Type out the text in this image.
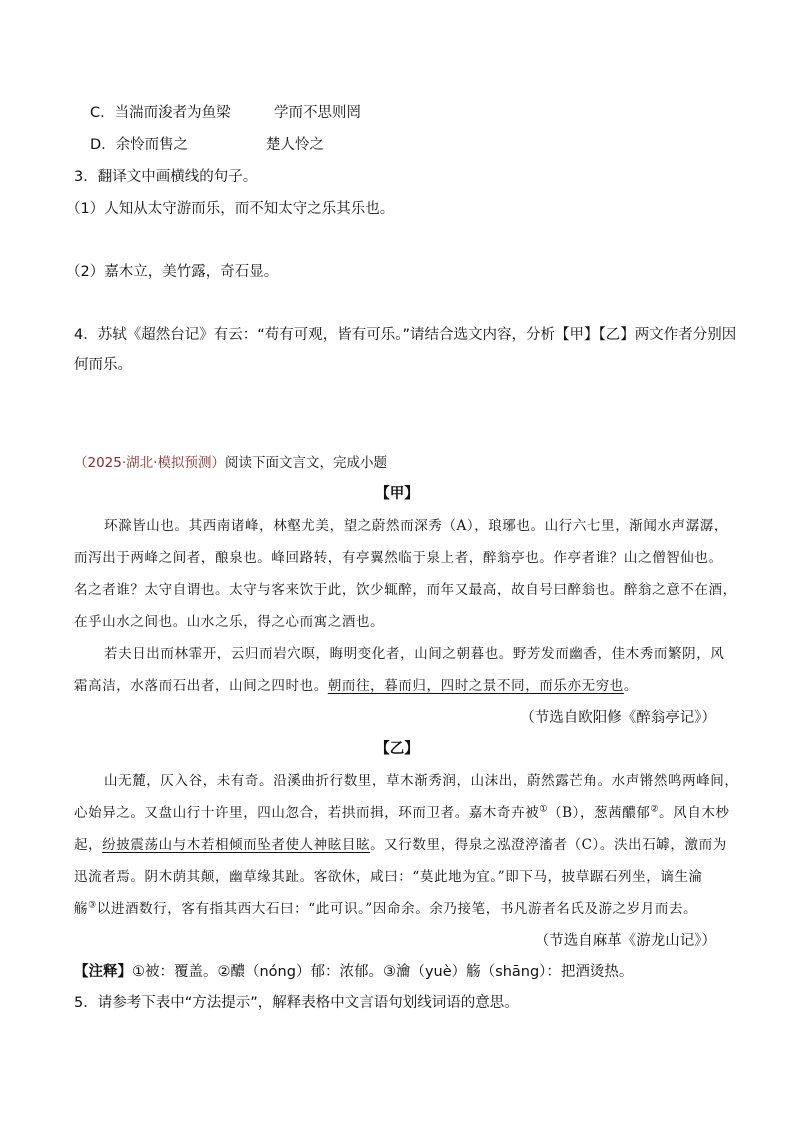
C．当湍而浚者为鱼梁	学而不思则罔
D．余怜而售之	楚人怜之
3．翻译文中画横线的句子。
（1）人知从太守游而乐，而不知太守之乐其乐也。
（2）嘉木立，美竹露，奇石显。
4．苏轼《超然台记》有云：“苟有可观，皆有可乐。”请结合选文内容，分析【甲】【乙】两文作者分别因
何而乐。
（2025·湖北·模拟预测）阅读下面文言文，完成小题
【甲】
环滁皆山也。其西南诸峰，林壑尤美，望之蔚然而深秀（A），琅琊也。山行六七里，渐闻水声潺潺，
而泻出于两峰之间者，酿泉也。峰回路转，有亭翼然临于泉上者，醉翁亭也。作亭者谁？山之僧智仙也。
名之者谁？太守自谓也。太守与客来饮于此，饮少辄醉，而年又最高，故自号曰醉翁也。醉翁之意不在酒，
在乎山水之间也。山水之乐，得之心而寓之酒也。
若夫日出而林霏开，云归而岩穴暝，晦明变化者，山间之朝暮也。野芳发而幽香，佳木秀而繁阴，风
霜高洁，水落而石出者，山间之四时也。朝而往，暮而归，四时之景不同，而乐亦无穷也。
（节选自欧阳修《醉翁亭记》）
【乙】
山无麓，仄入谷，未有奇。沿溪曲折行数里，草木渐秀润，山沫出，蔚然露芒角。水声锵然鸣两峰间，
心始异之。又盘山行十许里，四山忽合，若拱而揖，环而卫者。嘉木奇卉被①（B），葱茜醲郁②。风自木杪
起，纷披震荡山与木若相倾而坠者使人神眩目眩。又行数里，得泉之泓澄渟滀者（C）。泆出石罅，激而为
迅流者焉。阴木荫其颠，幽草缘其趾。客欲休，咸曰：“莫此地为宜。”即下马，披草踞石列坐，谪生淪
觞③以进酒数行，客有指其西大石曰：“此可识。”因命余。余乃接笔，书凡游者名氏及游之岁月而去。
（节选自麻革《游龙山记》）
【注释】①被：覆盖。②醲（nóng）郁：浓郁。③瀹（yuè）觞（shāng）：把酒烫热。
5．请参考下表中“方法提示”，解释表格中文言语句划线词语的意思。
